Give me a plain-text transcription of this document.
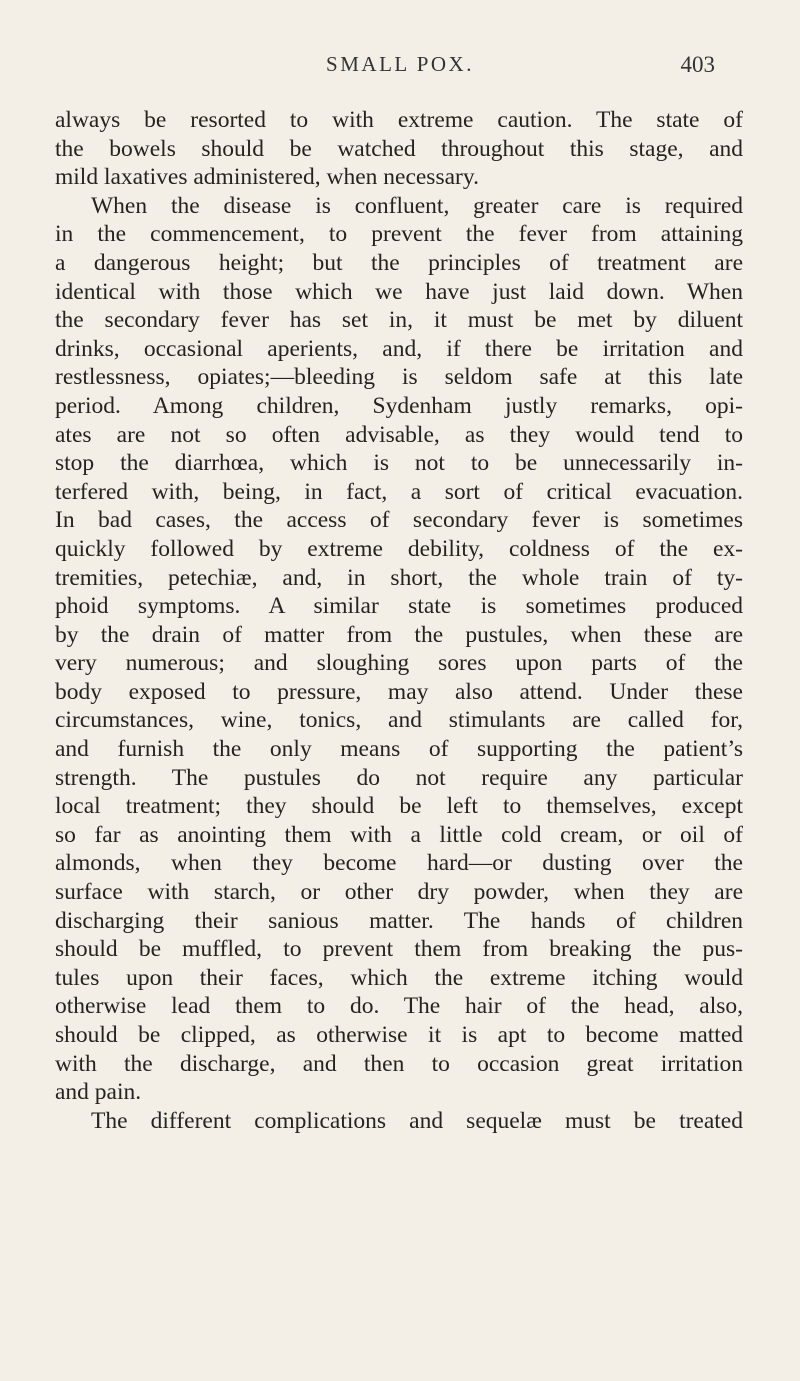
SMALL POX.	403
always be resorted to with extreme caution. The state of
the bowels should be watched throughout this stage, and
mild laxatives administered, when necessary.
When the disease is confluent, greater care is required
in the commencement, to prevent the fever from attaining
a dangerous height; but the principles of treatment are
identical with those which we have just laid down. When
the secondary fever has set in, it must be met by diluent
drinks, occasional aperients, and, if there be irritation and
restlessness, opiates;—bleeding is seldom safe at this late
period. Among children, Sydenham justly remarks, opi-
ates are not so often advisable, as they would tend to
stop the diarrhœa, which is not to be unnecessarily in-
terfered with, being, in fact, a sort of critical evacuation.
In bad cases, the access of secondary fever is sometimes
quickly followed by extreme debility, coldness of the ex-
tremities, petechiæ, and, in short, the whole train of ty-
phoid symptoms. A similar state is sometimes produced
by the drain of matter from the pustules, when these are
very numerous; and sloughing sores upon parts of the
body exposed to pressure, may also attend. Under these
circumstances, wine, tonics, and stimulants are called for,
and furnish the only means of supporting the patient’s
strength. The pustules do not require any particular
local treatment; they should be left to themselves, except
so far as anointing them with a little cold cream, or oil of
almonds, when they become hard—or dusting over the
surface with starch, or other dry powder, when they are
discharging their sanious matter. The hands of children
should be muffled, to prevent them from breaking the pus-
tules upon their faces, which the extreme itching would
otherwise lead them to do. The hair of the head, also,
should be clipped, as otherwise it is apt to become matted
with the discharge, and then to occasion great irritation
and pain.
The different complications and sequelæ must be treated
